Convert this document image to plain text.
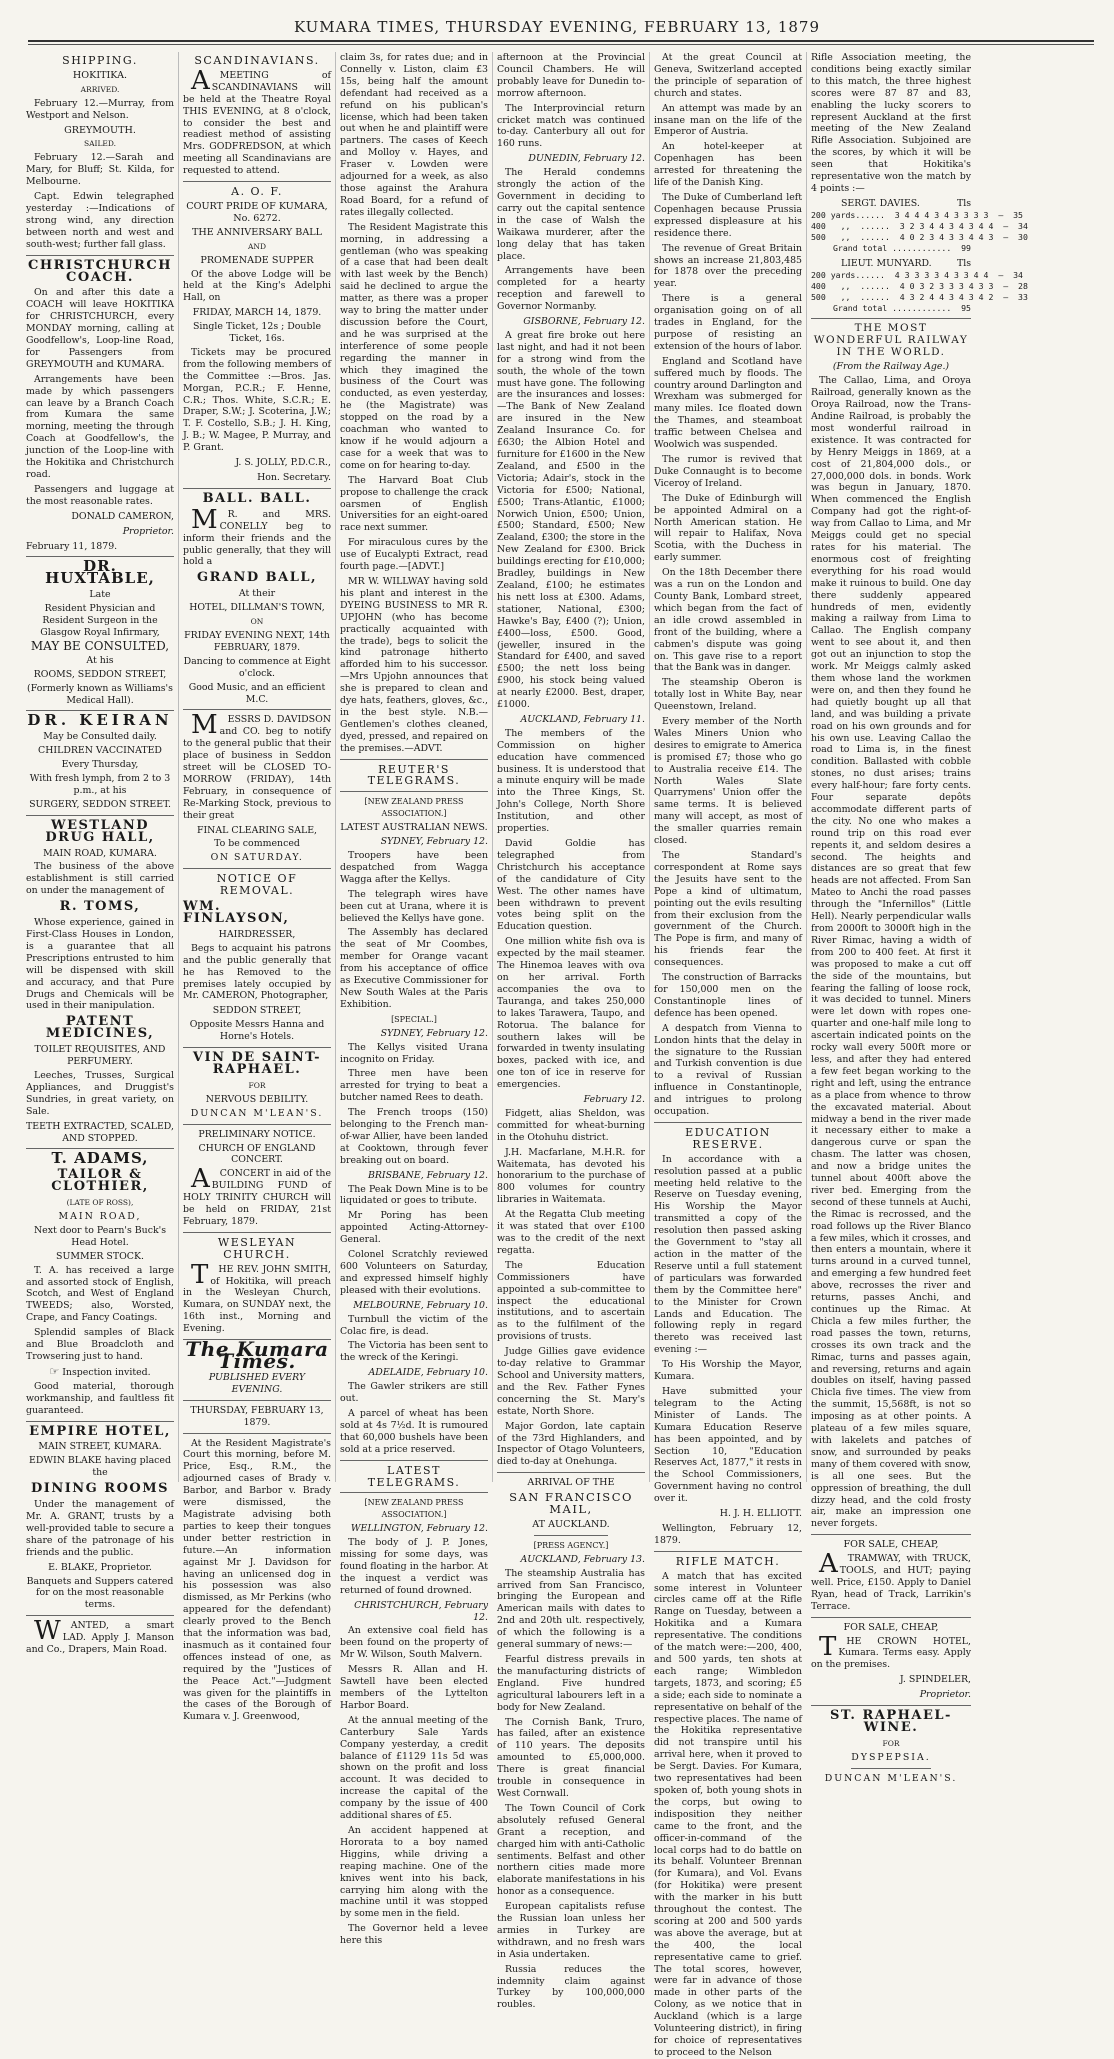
KUMARA TIMES, THURSDAY EVENING, FEBRUARY 13, 1879
SHIPPING.
HOKITIKA.
ARRIVED.

February 12.—Murray, from Westport and Nelson.

GREYMOUTH.
SAILED.

February 12.—Sarah and Mary, for Bluff; St. Kilda, for Melbourne.

Capt. Edwin telegraphed yesterday :—Indications of strong wind, any direction between north and west and south-west; further fall glass.

CHRISTCHURCH COACH.

On and after this date a COACH will leave HOKITIKA for CHRISTCHURCH, every MONDAY morning, calling at Goodfellow's, Loop-line Road, for Passengers from GREYMOUTH and KUMARA.

Arrangements have been made by which passengers can leave by a Branch Coach from Kumara the same morning, meeting the through Coach at Goodfellow's, the junction of the Loop-line with the Hokitika and Christchurch road.

Passengers and luggage at the most reasonable rates.

DONALD CAMERON,
Proprietor.

February 11, 1879.

DR. HUXTABLE,
Late
Resident Physician and Resident Surgeon in the Glasgow Royal Infirmary,
MAY BE CONSULTED,
At his
ROOMS, SEDDON STREET,
(Formerly known as Williams's Medical Hall).
DR. KEIRAN
May be Consulted daily.
CHILDREN VACCINATED
Every Thursday,
With fresh lymph, from 2 to 3 p.m., at his
SURGERY, SEDDON STREET.
WESTLAND DRUG HALL,
MAIN ROAD, KUMARA.

The business of the above establishment is still carried on under the management of

R. TOMS,

Whose experience, gained in First-Class Houses in London, is a guarantee that all Prescriptions entrusted to him will be dispensed with skill and accuracy, and that Pure Drugs and Chemicals will be used in their manipulation.

PATENT MEDICINES,
TOILET REQUISITES, AND PERFUMERY.

Leeches, Trusses, Surgical Appliances, and Druggist's Sundries, in great variety, on Sale.

TEETH EXTRACTED, SCALED, AND STOPPED.
T. ADAMS,
TAILOR & CLOTHIER,
(LATE OF ROSS),
MAIN ROAD,
Next door to Pearn's Buck's Head Hotel.
SUMMER STOCK.

T. A. has received a large and assorted stock of English, Scotch, and West of England TWEEDS; also, Worsted, Crape, and Fancy Coatings.

Splendid samples of Black and Blue Broadcloth and Trowsering just to hand.

☞ Inspection invited.

Good material, thorough workmanship, and faultless fit guaranteed.

EMPIRE HOTEL,
MAIN STREET, KUMARA.
EDWIN BLAKE having placed the
DINING ROOMS

Under the management of Mr. A. GRANT, trusts by a well-provided table to secure a share of the patronage of his friends and the public.

E. BLAKE, Proprietor.
Banquets and Suppers catered for on the most reasonable terms.

WANTED, a smart LAD. Apply J. Manson and Co., Drapers, Main Road.

SCANDINAVIANS.

AMEETING of SCANDINAVIANS will be held at the Theatre Royal THIS EVENING, at 8 o'clock, to consider the best and readiest method of assisting Mrs. GODFREDSON, at which meeting all Scandinavians are requested to attend.

A. O. F.
COURT PRIDE OF KUMARA, No. 6272.
THE ANNIVERSARY BALL
AND
PROMENADE SUPPER

Of the above Lodge will be held at the King's Adelphi Hall, on

FRIDAY, MARCH 14, 1879.
Single Ticket, 12s ; Double Ticket, 16s.

Tickets may be procured from the following members of the Committee :—Bros. Jas. Morgan, P.C.R.; F. Henne, C.R.; Thos. White, S.C.R.; E. Draper, S.W.; J. Scoterina, J.W.; T. F. Costello, S.B.; J. H. King, J. B.; W. Magee, P. Murray, and P. Grant.

J. S. JOLLY, P.D.C.R.,
Hon. Secretary.
BALL. BALL.

MR. and MRS. CONELLY beg to inform their friends and the public generally, that they will hold a

GRAND BALL,
At their
HOTEL, DILLMAN'S TOWN,
ON
FRIDAY EVENING NEXT, 14th FEBRUARY, 1879.
Dancing to commence at Eight o'clock.
Good Music, and an efficient M.C.

MESSRS D. DAVIDSON and CO. beg to notify to the general public that their place of business in Seddon street will be CLOSED TO-MORROW (FRIDAY), 14th February, in consequence of Re-Marking Stock, previous to their great

FINAL CLEARING SALE,
To be commenced
ON SATURDAY.
NOTICE OF REMOVAL.
WM. FINLAYSON,
HAIRDRESSER,

Begs to acquaint his patrons and the public generally that he has Removed to the premises lately occupied by Mr. CAMERON, Photographer,

SEDDON STREET,
Opposite Messrs Hanna and Horne's Hotels.
VIN DE SAINT-RAPHAEL.
FOR
NERVOUS DEBILITY.
DUNCAN M'LEAN'S.
PRELIMINARY NOTICE.
CHURCH OF ENGLAND CONCERT.

ACONCERT in aid of the BUILDING FUND of HOLY TRINITY CHURCH will be held on FRIDAY, 21st February, 1879.

WESLEYAN CHURCH.

THE REV. JOHN SMITH, of Hokitika, will preach in the Wesleyan Church, Kumara, on SUNDAY next, the 16th inst., Morning and Evening.

The Kumara Times.
PUBLISHED EVERY EVENING.
THURSDAY, FEBRUARY 13, 1879.

At the Resident Magistrate's Court this morning, before M. Price, Esq., R.M., the adjourned cases of Brady v. Barbor, and Barbor v. Brady were dismissed, the Magistrate advising both parties to keep their tongues under better restriction in future.—An information against Mr J. Davidson for having an unlicensed dog in his possession was also dismissed, as Mr Perkins (who appeared for the defendant) clearly proved to the Bench that the information was bad, inasmuch as it contained four offences instead of one, as required by the "Justices of the Peace Act."—Judgment was given for the plaintiffs in the cases of the Borough of Kumara v. J. Greenwood,

claim 3s, for rates due; and in Connelly v. Liston, claim £3 15s, being half the amount defendant had received as a refund on his publican's license, which had been taken out when he and plaintiff were partners. The cases of Keech and Molloy v. Hayes, and Fraser v. Lowden were adjourned for a week, as also those against the Arahura Road Board, for a refund of rates illegally collected.

The Resident Magistrate this morning, in addressing a gentleman (who was speaking of a case that had been dealt with last week by the Bench) said he declined to argue the matter, as there was a proper way to bring the matter under discussion before the Court, and he was surprised at the interference of some people regarding the manner in which they imagined the business of the Court was conducted, as even yesterday, he (the Magistrate) was stopped on the road by a coachman who wanted to know if he would adjourn a case for a week that was to come on for hearing to-day.

The Harvard Boat Club propose to challenge the crack oarsmen of English Universities for an eight-oared race next summer.

For miraculous cures by the use of Eucalypti Extract, read fourth page.—[ADVT.]

MR W. WILLWAY having sold his plant and interest in the DYEING BUSINESS to MR R. UPJOHN (who has become practically acquainted with the trade), begs to solicit the kind patronage hitherto afforded him to his successor.—Mrs Upjohn announces that she is prepared to clean and dye hats, feathers, gloves, &c., in the best style. N.B.—Gentlemen's clothes cleaned, dyed, pressed, and repaired on the premises.—ADVT.

REUTER'S TELEGRAMS.
[NEW ZEALAND PRESS ASSOCIATION.]
LATEST AUSTRALIAN NEWS.
SYDNEY, February 12.

Troopers have been despatched from Wagga Wagga after the Kellys.

The telegraph wires have been cut at Urana, where it is believed the Kellys have gone.

The Assembly has declared the seat of Mr Coombes, member for Orange vacant from his acceptance of office as Executive Commissioner for New South Wales at the Paris Exhibition.

[SPECIAL.]
SYDNEY, February 12.

The Kellys visited Urana incognito on Friday.

Three men have been arrested for trying to beat a butcher named Rees to death.

The French troops (150) belonging to the French man-of-war Allier, have been landed at Cooktown, through fever breaking out on board.

BRISBANE, February 12.

The Peak Down Mine is to be liquidated or goes to tribute.

Mr Poring has been appointed Acting-Attorney-General.

Colonel Scratchly reviewed 600 Volunteers on Saturday, and expressed himself highly pleased with their evolutions.

MELBOURNE, February 10.

Turnbull the victim of the Colac fire, is dead.

The Victoria has been sent to the wreck of the Keringi.

ADELAIDE, February 10.

The Gawler strikers are still out.

A parcel of wheat has been sold at 4s 7½d. It is rumoured that 60,000 bushels have been sold at a price reserved.

LATEST TELEGRAMS.
[NEW ZEALAND PRESS ASSOCIATION.]
WELLINGTON, February 12.

The body of J. P. Jones, missing for some days, was found floating in the harbor. At the inquest a verdict was returned of found drowned.

CHRISTCHURCH, February 12.

An extensive coal field has been found on the property of Mr W. Wilson, South Malvern.

Messrs R. Allan and H. Sawtell have been elected members of the Lyttelton Harbor Board.

At the annual meeting of the Canterbury Sale Yards Company yesterday, a credit balance of £1129 11s 5d was shown on the profit and loss account. It was decided to increase the capital of the company by the issue of 400 additional shares of £5.

An accident happened at Hororata to a boy named Higgins, while driving a reaping machine. One of the knives went into his back, carrying him along with the machine until it was stopped by some men in the field.

The Governor held a levee here this

afternoon at the Provincial Council Chambers. He will probably leave for Dunedin to-morrow afternoon.

The Interprovincial return cricket match was continued to-day. Canterbury all out for 160 runs.

DUNEDIN, February 12.

The Herald condemns strongly the action of the Government in deciding to carry out the capital sentence in the case of Walsh the Waikawa murderer, after the long delay that has taken place.

Arrangements have been completed for a hearty reception and farewell to Governor Normanby.

GISBORNE, February 12.

A great fire broke out here last night, and had it not been for a strong wind from the south, the whole of the town must have gone. The following are the insurances and losses:—The Bank of New Zealand are insured in the New Zealand Insurance Co. for £630; the Albion Hotel and furniture for £1600 in the New Zealand, and £500 in the Victoria; Adair's, stock in the Victoria for £500; National, £500; Trans-Atlantic, £1000; Norwich Union, £500; Union, £500; Standard, £500; New Zealand, £300; the store in the New Zealand for £300. Brick buildings erecting for £10,000; Bradley, buildings in New Zealand, £100; he estimates his nett loss at £300. Adams, stationer, National, £300; Hawke's Bay, £400 (?); Union, £400—loss, £500. Good, (jeweller, insured in the Standard for £400, and saved £500; the nett loss being £900, his stock being valued at nearly £2000. Best, draper, £1000.

AUCKLAND, February 11.

The members of the Commission on higher education have commenced business. It is understood that a minute enquiry will be made into the Three Kings, St. John's College, North Shore Institution, and other properties.

David Goldie has telegraphed from Christchurch his acceptance of the candidature of City West. The other names have been withdrawn to prevent votes being split on the Education question.

One million white fish ova is expected by the mail steamer. The Hinemoa leaves with ova on her arrival. Forth accompanies the ova to Tauranga, and takes 250,000 to lakes Tarawera, Taupo, and Rotorua. The balance for southern lakes will be forwarded in twenty insulating boxes, packed with ice, and one ton of ice in reserve for emergencies.

February 12.

Fidgett, alias Sheldon, was committed for wheat-burning in the Otohuhu district.

J.H. Macfarlane, M.H.R. for Waitemata, has devoted his honorarium to the purchase of 800 volumes for country libraries in Waitemata.

At the Regatta Club meeting it was stated that over £100 was to the credit of the next regatta.

The Education Commissioners have appointed a sub-committee to inspect the educational institutions, and to ascertain as to the fulfilment of the provisions of trusts.

Judge Gillies gave evidence to-day relative to Grammar School and University matters, and the Rev. Father Fynes concerning the St. Mary's estate, North Shore.

Major Gordon, late captain of the 73rd Highlanders, and Inspector of Otago Volunteers, died to-day at Onehunga.

ARRIVAL OF THE
SAN FRANCISCO MAIL,
AT AUCKLAND.
[PRESS AGENCY.]
AUCKLAND, February 13.

The steamship Australia has arrived from San Francisco, bringing the European and American mails with dates to 2nd and 20th ult. respectively, of which the following is a general summary of news:—

Fearful distress prevails in the manufacturing districts of England. Five hundred agricultural labourers left in a body for New Zealand.

The Cornish Bank, Truro, has failed, after an existence of 110 years. The deposits amounted to £5,000,000. There is great financial trouble in consequence in West Cornwall.

The Town Council of Cork absolutely refused General Grant a reception, and charged him with anti-Catholic sentiments. Belfast and other northern cities made more elaborate manifestations in his honor as a consequence.

European capitalists refuse the Russian loan unless her armies in Turkey are withdrawn, and no fresh wars in Asia undertaken.

Russia reduces the indemnity claim against Turkey by 100,000,000 roubles.

At the great Council at Geneva, Switzerland accepted the principle of separation of church and states.

An attempt was made by an insane man on the life of the Emperor of Austria.

An hotel-keeper at Copenhagen has been arrested for threatening the life of the Danish King.

The Duke of Cumberland left Copenhagen because Prussia expressed displeasure at his residence there.

The revenue of Great Britain shows an increase 21,803,485 for 1878 over the preceding year.

There is a general organisation going on of all trades in England, for the purpose of resisting an extension of the hours of labor.

England and Scotland have suffered much by floods. The country around Darlington and Wrexham was submerged for many miles. Ice floated down the Thames, and steamboat traffic between Chelsea and Woolwich was suspended.

The rumor is revived that Duke Connaught is to become Viceroy of Ireland.

The Duke of Edinburgh will be appointed Admiral on a North American station. He will repair to Halifax, Nova Scotia, with the Duchess in early summer.

On the 18th December there was a run on the London and County Bank, Lombard street, which began from the fact of an idle crowd assembled in front of the building, where a cabmen's dispute was going on. This gave rise to a report that the Bank was in danger.

The steamship Oberon is totally lost in White Bay, near Queenstown, Ireland.

Every member of the North Wales Miners Union who desires to emigrate to America is promised £7; those who go to Australia receive £14. The North Wales Slate Quarrymens' Union offer the same terms. It is believed many will accept, as most of the smaller quarries remain closed.

The Standard's correspondent at Rome says the Jesuits have sent to the Pope a kind of ultimatum, pointing out the evils resulting from their exclusion from the government of the Church. The Pope is firm, and many of his friends fear the consequences.

The construction of Barracks for 150,000 men on the Constantinople lines of defence has been opened.

A despatch from Vienna to London hints that the delay in the signature to the Russian and Turkish convention is due to a revival of Russian influence in Constantinople, and intrigues to prolong occupation.

EDUCATION RESERVE.

In accordance with a resolution passed at a public meeting held relative to the Reserve on Tuesday evening, His Worship the Mayor transmitted a copy of the resolution then passed asking the Government to "stay all action in the matter of the Reserve until a full statement of particulars was forwarded them by the Committee here" to the Minister for Crown Lands and Education. The following reply in regard thereto was received last evening :—

To His Worship the Mayor, Kumara.

Have submitted your telegram to the Acting Minister of Lands. The Kumara Education Reserve has been appointed, and by Section 10, "Education Reserves Act, 1877," it rests in the School Commissioners, Government having no control over it.

H. J. H. ELLIOTT.

Wellington, February 12, 1879.

RIFLE MATCH.

A match that has excited some interest in Volunteer circles came off at the Rifle Range on Tuesday, between a Hokitika and a Kumara representative. The conditions of the match were:—200, 400, and 500 yards, ten shots at each range; Wimbledon targets, 1873, and scoring; £5 a side; each side to nominate a representative on behalf of the respective places. The name of the Hokitika representative did not transpire until his arrival here, when it proved to be Sergt. Davies. For Kumara, two representatives had been spoken of, both young shots in the corps, but owing to indisposition they neither came to the front, and the officer-in-command of the local corps had to do battle on its behalf. Volunteer Brennan (for Kumara), and Vol. Evans (for Hokitika) were present with the marker in his butt throughout the contest. The scoring at 200 and 500 yards was above the average, but at the 400, the local representative came to grief. The total scores, however, were far in advance of those made in other parts of the Colony, as we notice that in Auckland (which is a large Volunteering district), in firing for choice of representatives to proceed to the Nelson

Rifle Association meeting, the conditions being exactly similar to this match, the three highest scores were 87 87 and 83, enabling the lucky scorers to represent Auckland at the first meeting of the New Zealand Rifle Association. Subjoined are the scores, by which it will be seen that Hokitika's representative won the match by 4 points :—

SERGT. DAVIES.	Tls
200 yards......  3 4 4 4 3 4 3 3 3 3  —  35
400   ,,  ......  3 2 3 4 4 3 4 3 4 4  —  34
500   ,,  ......  4 0 2 3 4 3 3 4 4 3  —  30
Grand total ............  99
LIEUT. MUNYARD.	Tls
200 yards......  4 3 3 3 3 4 3 3 4 4  —  34
400   ,,  ......  4 0 3 2 3 3 3 4 3 3  —  28
500   ,,  ......  4 3 2 4 4 3 4 3 4 2  —  33
Grand total ............  95
THE MOST WONDERFUL RAILWAY IN THE WORLD.
(From the Railway Age.)

The Callao, Lima, and Oroya Railroad, generally known as the Oroya Railroad, now the Trans-Andine Railroad, is probably the most wonderful railroad in existence. It was contracted for by Henry Meiggs in 1869, at a cost of 21,804,000 dols., or 27,000,000 dols. in bonds. Work was begun in January, 1870. When commenced the English Company had got the right-of-way from Callao to Lima, and Mr Meiggs could get no special rates for his material. The enormous cost of freighting everything for his road would make it ruinous to build. One day there suddenly appeared hundreds of men, evidently making a railway from Lima to Callao. The English company went to see about it, and then got out an injunction to stop the work. Mr Meiggs calmly asked them whose land the workmen were on, and then they found he had quietly bought up all that land, and was building a private road on his own grounds and for his own use. Leaving Callao the road to Lima is, in the finest condition. Ballasted with cobble stones, no dust arises; trains every half-hour; fare forty cents. Four separate depôts accommodate different parts of the city. No one who makes a round trip on this road ever repents it, and seldom desires a second. The heights and distances are so great that few heads are not affected. From San Mateo to Anchi the road passes through the "Infernillos" (Little Hell). Nearly perpendicular walls from 2000ft to 3000ft high in the River Rimac, having a width of from 200 to 400 feet. At first it was proposed to make a cut off the side of the mountains, but fearing the falling of loose rock, it was decided to tunnel. Miners were let down with ropes one-quarter and one-half mile long to ascertain indicated points on the rocky wall every 500ft more or less, and after they had entered a few feet began working to the right and left, using the entrance as a place from whence to throw the excavated material. About midway a bend in the river made it necessary either to make a dangerous curve or span the chasm. The latter was chosen, and now a bridge unites the tunnel about 400ft above the river bed. Emerging from the second of these tunnels at Auchi, the Rimac is recrossed, and the road follows up the River Blanco a few miles, which it crosses, and then enters a mountain, where it turns around in a curved tunnel, and emerging a few hundred feet above, recrosses the river and returns, passes Anchi, and continues up the Rimac. At Chicla a few miles further, the road passes the town, returns, crosses its own track and the Rimac, turns and passes again, and reversing, returns and again doubles on itself, having passed Chicla five times. The view from the summit, 15,568ft, is not so imposing as at other points. A plateau of a few miles square, with lakelets and patches of snow, and surrounded by peaks many of them covered with snow, is all one sees. But the oppression of breathing, the dull dizzy head, and the cold frosty air, make an impression one never forgets.

FOR SALE, CHEAP,

ATRAMWAY, with TRUCK, TOOLS, and HUT; paying well. Price, £150. Apply to Daniel Ryan, head of Track, Larrikin's Terrace.

FOR SALE, CHEAP,

THE CROWN HOTEL, Kumara. Terms easy. Apply on the premises.

J. SPINDELER,
Proprietor.
ST. RAPHAEL-WINE.
FOR
DYSPEPSIA.
DUNCAN M'LEAN'S.
